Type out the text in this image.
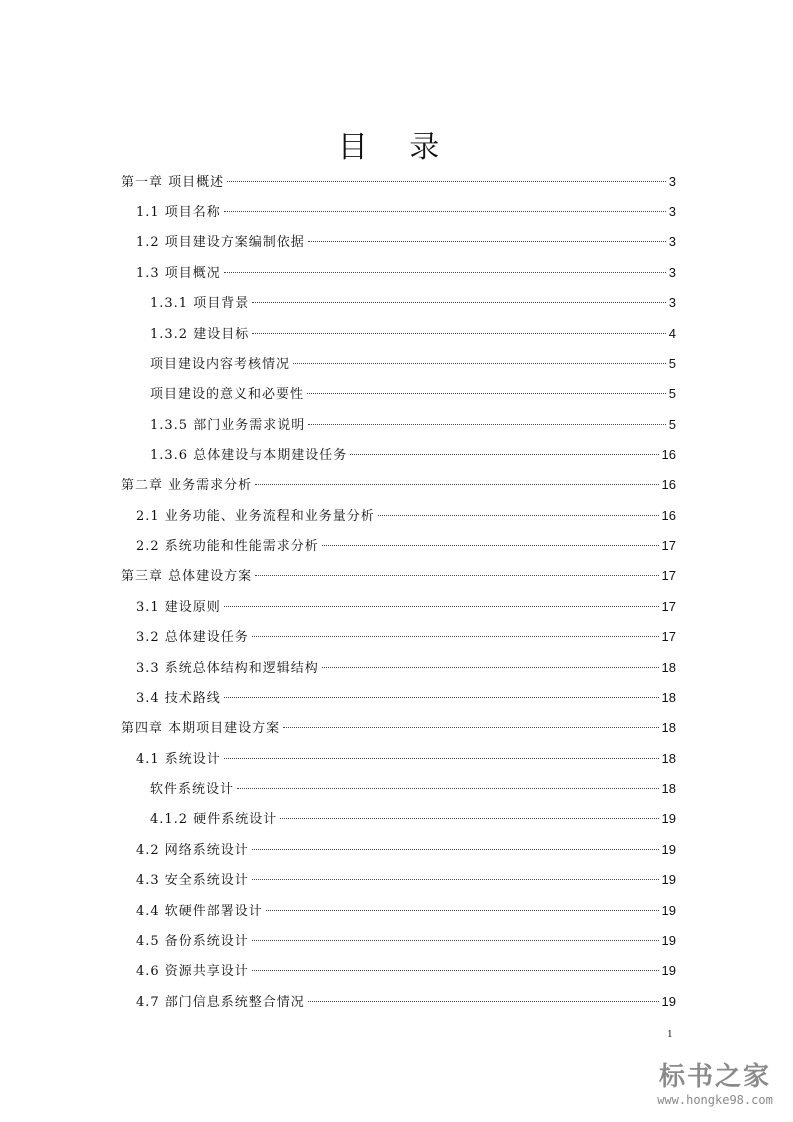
目 录
第一章 项目概述	3
1.1 项目名称	3
1.2 项目建设方案编制依据	3
1.3 项目概况	3
1.3.1 项目背景	3
1.3.2 建设目标	4
项目建设内容考核情况	5
项目建设的意义和必要性	5
1.3.5 部门业务需求说明	5
1.3.6 总体建设与本期建设任务	16
第二章 业务需求分析	16
2.1 业务功能、业务流程和业务量分析	16
2.2 系统功能和性能需求分析	17
第三章 总体建设方案	17
3.1 建设原则	17
3.2 总体建设任务	17
3.3 系统总体结构和逻辑结构	18
3.4 技术路线	18
第四章 本期项目建设方案	18
4.1 系统设计	18
软件系统设计	18
4.1.2 硬件系统设计	19
4.2 网络系统设计	19
4.3 安全系统设计	19
4.4 软硬件部署设计	19
4.5 备份系统设计	19
4.6 资源共享设计	19
4.7 部门信息系统整合情况	19
1
标书之家
www.hongke98.com
